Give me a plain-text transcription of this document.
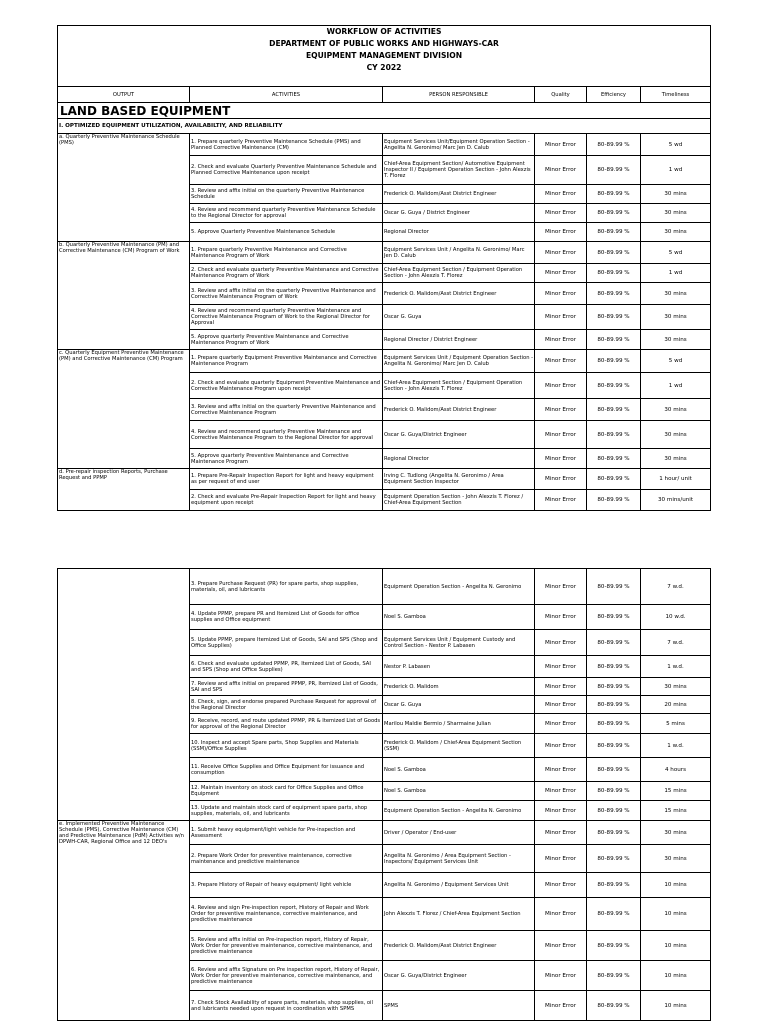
WORKFLOW OF ACTIVITIES
DEPARTMENT OF PUBLIC WORKS AND HIGHWAYS-CAR
EQUIPMENT MANAGEMENT DIVISION
CY 2022					

OUTPUT	ACTIVITIES	PERSON RESPONSIBLE	Quality	Efficiency	Timeliness
LAND BASED EQUIPMENT					
I. OPTIMIZED EQUIPMENT UTILIZATION, AVAILABILTIY, AND RELIABILITY					
a. Quarterly Preventive Maintenance Schedule (PMS)	1. Prepare quarterly Preventive Maintenance Schedule (PMS) and Planned Corrective Maintenance (CM)	Equipment Services Unit/Equipment Operation Section - Angelita N. Geronimo/ Marc Jen D. Calub	Minor Error	80-89.99 %	5 wd
	2. Check and evaluate Quarterly Preventive Maintenance Schedule and Planned Corrective Maintenance upon receipt	Chief-Area Equipment Section/ Automotive Equipment Inspector II / Equipment Operation Section - John Alexzis T. Florez	Minor Error	80-89.99 %	1 wd
	3. Review and affix initial on the quarterly Preventive Maintenance Schedule	Frederick O. Malidom/Asst District Engineer	Minor Error	80-89.99 %	30 mins
	4. Review and recommend quarterly Preventive Maintenance Schedule to the Regional Director for approval	Oscar G. Guya / District Engineer	Minor Error	80-89.99 %	30 mins
	5. Approve Quarterly Preventive Maintenance Schedule	Regional Director	Minor Error	80-89.99 %	30 mins
b. Quarterly Preventive Maintenance (PM) and Corrective Maintenance (CM) Program of Work	1. Prepare quarterly Preventive Maintenance and Corrective Maintenance Program of Work	Equipment Services Unit / Angelita N. Geronimo/ Marc Jen D. Calub	Minor Error	80-89.99 %	5 wd
	2. Check and evaluate quarterly Preventive Maintenance and Corrective Maintenance Program of Work	Chief-Area Equipment Section / Equipment Operation Section - John Alexzis T. Florez	Minor Error	80-89.99 %	1 wd
	3. Review and affix initial on the quarterly Preventive Maintenance and Corrective Maintenance Program of Work	Frederick O. Malidom/Asst District Engineer	Minor Error	80-89.99 %	30 mins
	4. Review and recommend quarterly Preventive Maintenance and Corrective Maintenance Program of Work to the Regional Director for Approval	Oscar G. Guya	Minor Error	80-89.99 %	30 mins
	5. Approve quarterly Preventive Maintenance and Corrective Maintenance Program of Work	Regional Director / District Engineer	Minor Error	80-89.99 %	30 mins
c. Quarterly Equipment Preventive Maintenance (PM) and Corrective Maintenance (CM) Program	1. Prepare quarterly Equipment Preventive Maintenance and Corrective Maintenance Program	Equipment Services Unit / Equipment Operation Section - Angelita N. Geronimo/ Marc Jen D. Calub	Minor Error	80-89.99 %	5 wd
	2. Check and evaluate quarterly Equipment Preventive Maintenance and Corrective Maintenance Program upon receipt	Chief-Area Equipment Section / Equipment Operation Section - John Alexzis T. Florez	Minor Error	80-89.99 %	1 wd
	3. Review and affix initial on the quarterly Preventive Maintenance and Corrective Maintenance Program	Frederick O. Malidom/Asst District Engineer	Minor Error	80-89.99 %	30 mins
	4. Review and recommend quarterly Preventive Maintenance and Corrective Maintenance Program to the Regional Director for approval	Oscar G. Guya/District Engineer	Minor Error	80-89.99 %	30 mins
	5. Approve quarterly Preventive Maintenance and Corrective Maintenance Program	Regional Director	Minor Error	80-89.99 %	30 mins
d. Pre-repair inspection Reports, Purchase Request and PPMP	1. Prepare Pre-Repair Inspection Report for light and heavy equipment as per request of end user	Irving C. Tudlong (Angelita N. Geronimo / Area Equipment Section Inspector	Minor Error	80-89.99 %	1 hour/ unit
	2. Check and evaluate Pre-Repair Inspection Report for light and heavy equipment upon receipt	Equipment Operation Section - John Alexzis T. Florez / Chief-Area Equipment Section	Minor Error	80-89.99 %	30 mins/unit
	3. Prepare Purchase Request (PR) for spare parts, shop supplies, materials, oil, and lubricants	Equipment Operation Section - Angelita N. Geronimo	Minor Error	80-89.99 %	7 w.d.
	4. Update PPMP, prepare PR and Itemized List of Goods for office supplies and Office equipment	Noel S. Gamboa	Minor Error	80-89.99 %	10 w.d.
	5. Update PPMP, prepare Itemized List of Goods, SAI and SPS (Shop and Office Supplies)	Equipment Services Unit / Equipment Custody and Control Section - Nestor P. Labasen	Minor Error	80-89.99 %	7 w.d.
	6. Check and evaluate updated PPMP, PR, Itemized List of Goods, SAI and SPS (Shop and Office Supplies)	Nestor P. Labasen	Minor Error	80-89.99 %	1 w.d.
	7. Review and affix initial on prepared PPMP, PR, Itemized List of Goods, SAI and SPS	Frederick O. Malidom	Minor Error	80-89.99 %	30 mins
	8. Check, sign, and endorse prepared Purchase Request for approval of the Regional Director	Oscar G. Guya	Minor Error	80-89.99 %	20 mins
	9. Receive, record, and route updated PPMP, PR & Itemized List of Goods for approval of the Regional Director	Marilou Maldie Bermio / Sharmaine Julian	Minor Error	80-89.99 %	5 mins
	10. Inspect and accept Spare parts, Shop Supplies and Materials (SSM)/Office Supplies	Frederick O. Malidom / Chief-Area Equipment Section (SSM)	Minor Error	80-89.99 %	1 w.d.
	11. Receive Office Supplies and Office Equipment for issuance and consumption	Noel S. Gamboa	Minor Error	80-89.99 %	4 hours
	12. Maintain inventory on stock card for Office Supplies and Office Equipment	Noel S. Gamboa	Minor Error	80-89.99 %	15 mins
	13. Update and maintain stock card of equipment spare parts, shop supplies, materials, oil, and lubricants	Equipment Operation Section - Angelita N. Geronimo	Minor Error	80-89.99 %	15 mins
e. Implemented Preventive Maintenance Schedule (PMS), Corrective Maintenance (CM) and Predictive Maintenance (PdM) Activities w/n DPWH-CAR, Regional Office and 12 DEO's	1. Submit heavy equipment/light vehicle for Pre-inspection and Assessment	Driver / Operator / End-user	Minor Error	80-89.99 %	30 mins
	2. Prepare Work Order for preventive maintenance, corrective maintenance and predictive maintenance	Angelita N. Geronimo / Area Equipment Section - Inspectors/ Equipment Services Unit	Minor Error	80-89.99 %	30 mins
	3. Prepare History of Repair of heavy equipment/ light vehicle	Angelita N. Geronimo / Equipment Services Unit	Minor Error	80-89.99 %	10 mins
	4. Review and sign Pre-inspection report, History of Repair and Work Order for preventive maintenance, corrective maintenance, and predictive maintenance	John Alexzis T. Florez / Chief-Area Equipment Section	Minor Error	80-89.99 %	10 mins
	5. Review and affix initial on Pre-inspection report, History of Repair, Work Order for preventive maintenance, corrective maintenance, and predictive maintenance	Frederick O. Malidom/Asst District Engineer	Minor Error	80-89.99 %	10 mins
	6. Review and affix Signature on Pre inspection report, History of Repair, Work Order for preventive maintenance, corrective maintenance, and predictive maintenance	Oscar G. Guya/District Engineer	Minor Error	80-89.99 %	10 mins
	7. Check Stock Availability of spare parts, materials, shop supplies, oil and lubricants needed upon request in coordination with SPMS	SPMS	Minor Error	80-89.99 %	10 mins
